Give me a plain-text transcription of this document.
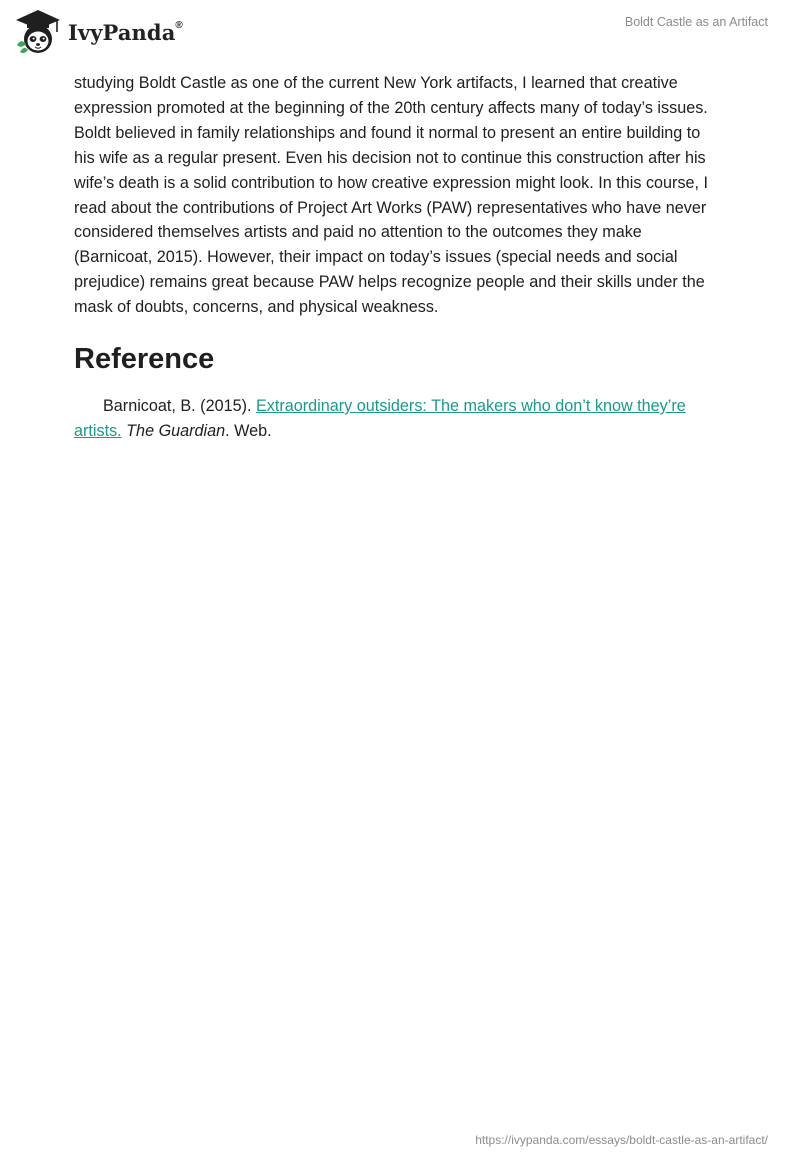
IvyPanda®	Boldt Castle as an Artifact

studying Boldt Castle as one of the current New York artifacts, I learned that creative expression promoted at the beginning of the 20th century affects many of today’s issues. Boldt believed in family relationships and found it normal to present an entire building to his wife as a regular present. Even his decision not to continue this construction after his wife’s death is a solid contribution to how creative expression might look. In this course, I read about the contributions of Project Art Works (PAW) representatives who have never considered themselves artists and paid no attention to the outcomes they make (Barnicoat, 2015). However, their impact on today’s issues (special needs and social prejudice) remains great because PAW helps recognize people and their skills under the mask of doubts, concerns, and physical weakness.

Reference

Barnicoat, B. (2015). Extraordinary outsiders: The makers who don’t know they’re artists. The Guardian. Web.

https://ivypanda.com/essays/boldt-castle-as-an-artifact/
